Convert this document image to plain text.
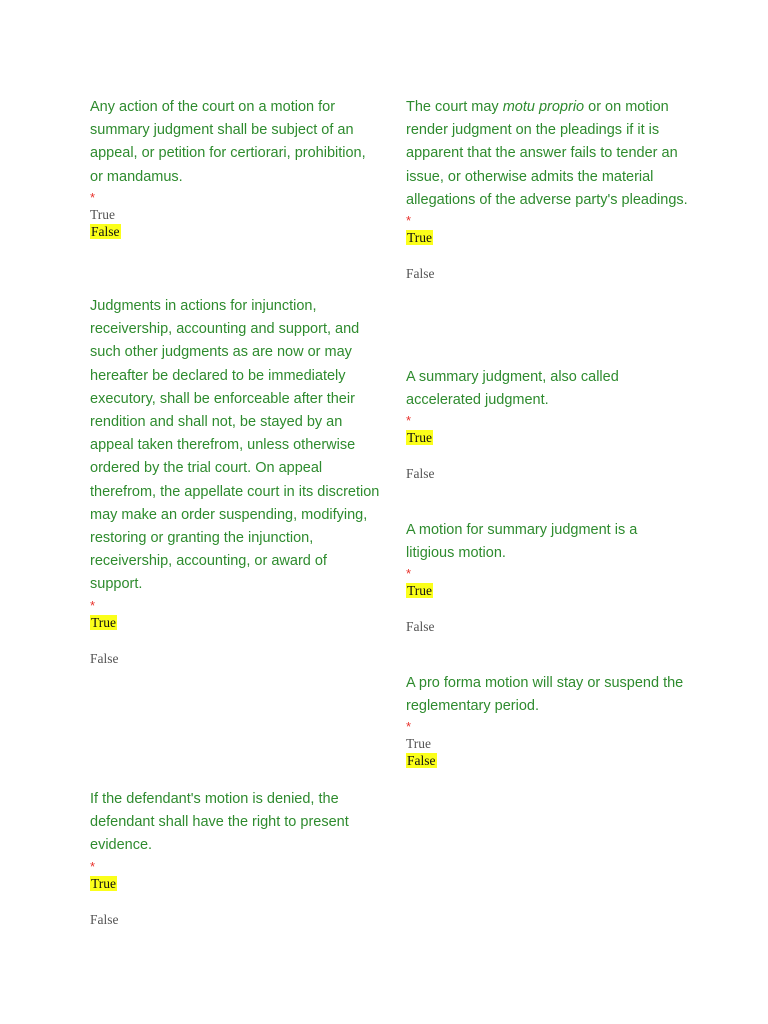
Any action of the court on a motion for summary judgment shall be subject of an appeal, or petition for certiorari, prohibition, or mandamus.

*
True
False

Judgments in actions for injunction, receivership, accounting and support, and such other judgments as are now or may hereafter be declared to be immediately executory, shall be enforceable after their rendition and shall not, be stayed by an appeal taken therefrom, unless otherwise ordered by the trial court. On appeal therefrom, the appellate court in its discretion may make an order suspending, modifying, restoring or granting the injunction, receivership, accounting, or award of support.

*
True
False

If the defendant's motion is denied, the defendant shall have the right to present evidence.

*
True
False

The court may motu proprio or on motion render judgment on the pleadings if it is apparent that the answer fails to tender an issue, or otherwise admits the material allegations of the adverse party's pleadings.

*
True
False

A summary judgment, also called accelerated judgment.

*
True
False

A motion for summary judgment is a litigious motion.

*
True
False

A pro forma motion will stay or suspend the reglementary period.

*
True
False
